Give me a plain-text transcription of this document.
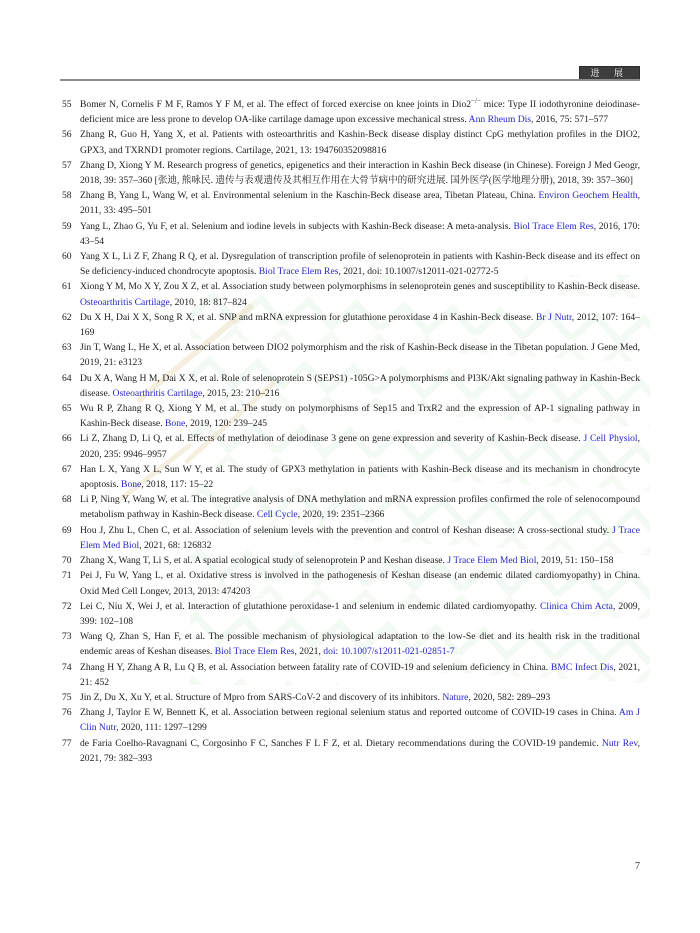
进 展
55 Bomer N, Cornelis F M F, Ramos Y F M, et al. The effect of forced exercise on knee joints in Dio2−/− mice: Type II iodothyronine deiodinase-deficient mice are less prone to develop OA-like cartilage damage upon excessive mechanical stress. Ann Rheum Dis, 2016, 75: 571–577
56 Zhang R, Guo H, Yang X, et al. Patients with osteoarthritis and Kashin-Beck disease display distinct CpG methylation profiles in the DIO2, GPX3, and TXRND1 promoter regions. Cartilage, 2021, 13: 194760352098816
57 Zhang D, Xiong Y M. Research progress of genetics, epigenetics and their interaction in Kashin Beck disease (in Chinese). Foreign J Med Geogr, 2018, 39: 357–360 [张迪, 熊咏民. 遗传与表观遗传及其相互作用在大骨节病中的研究进展. 国外医学(医学地理分册), 2018, 39: 357–360]
58 Zhang B, Yang L, Wang W, et al. Environmental selenium in the Kaschin-Beck disease area, Tibetan Plateau, China. Environ Geochem Health, 2011, 33: 495–501
59 Yang L, Zhao G, Yu F, et al. Selenium and iodine levels in subjects with Kashin-Beck disease: A meta-analysis. Biol Trace Elem Res, 2016, 170: 43–54
60 Yang X L, Li Z F, Zhang R Q, et al. Dysregulation of transcription profile of selenoprotein in patients with Kashin-Beck disease and its effect on Se deficiency-induced chondrocyte apoptosis. Biol Trace Elem Res, 2021, doi: 10.1007/s12011-021-02772-5
61 Xiong Y M, Mo X Y, Zou X Z, et al. Association study between polymorphisms in selenoprotein genes and susceptibility to Kashin-Beck disease. Osteoarthritis Cartilage, 2010, 18: 817–824
62 Du X H, Dai X X, Song R X, et al. SNP and mRNA expression for glutathione peroxidase 4 in Kashin-Beck disease. Br J Nutr, 2012, 107: 164–169
63 Jin T, Wang L, He X, et al. Association between DIO2 polymorphism and the risk of Kashin-Beck disease in the Tibetan population. J Gene Med, 2019, 21: e3123
64 Du X A, Wang H M, Dai X X, et al. Role of selenoprotein S (SEPS1) -105G>A polymorphisms and PI3K/Akt signaling pathway in Kashin-Beck disease. Osteoarthritis Cartilage, 2015, 23: 210–216
65 Wu R P, Zhang R Q, Xiong Y M, et al. The study on polymorphisms of Sep15 and TrxR2 and the expression of AP-1 signaling pathway in Kashin-Beck disease. Bone, 2019, 120: 239–245
66 Li Z, Zhang D, Li Q, et al. Effects of methylation of deiodinase 3 gene on gene expression and severity of Kashin-Beck disease. J Cell Physiol, 2020, 235: 9946–9957
67 Han L X, Yang X L, Sun W Y, et al. The study of GPX3 methylation in patients with Kashin-Beck disease and its mechanism in chondrocyte apoptosis. Bone, 2018, 117: 15–22
68 Li P, Ning Y, Wang W, et al. The integrative analysis of DNA methylation and mRNA expression profiles confirmed the role of selenocompound metabolism pathway in Kashin-Beck disease. Cell Cycle, 2020, 19: 2351–2366
69 Hou J, Zhu L, Chen C, et al. Association of selenium levels with the prevention and control of Keshan disease: A cross-sectional study. J Trace Elem Med Biol, 2021, 68: 126832
70 Zhang X, Wang T, Li S, et al. A spatial ecological study of selenoprotein P and Keshan disease. J Trace Elem Med Biol, 2019, 51: 150–158
71 Pei J, Fu W, Yang L, et al. Oxidative stress is involved in the pathogenesis of Keshan disease (an endemic dilated cardiomyopathy) in China. Oxid Med Cell Longev, 2013, 2013: 474203
72 Lei C, Niu X, Wei J, et al. Interaction of glutathione peroxidase-1 and selenium in endemic dilated cardiomyopathy. Clinica Chim Acta, 2009, 399: 102–108
73 Wang Q, Zhan S, Han F, et al. The possible mechanism of physiological adaptation to the low-Se diet and its health risk in the traditional endemic areas of Keshan diseases. Biol Trace Elem Res, 2021, doi: 10.1007/s12011-021-02851-7
74 Zhang H Y, Zhang A R, Lu Q B, et al. Association between fatality rate of COVID-19 and selenium deficiency in China. BMC Infect Dis, 2021, 21: 452
75 Jin Z, Du X, Xu Y, et al. Structure of Mpro from SARS-CoV-2 and discovery of its inhibitors. Nature, 2020, 582: 289–293
76 Zhang J, Taylor E W, Bennett K, et al. Association between regional selenium status and reported outcome of COVID-19 cases in China. Am J Clin Nutr, 2020, 111: 1297–1299
77 de Faria Coelho-Ravagnani C, Corgosinho F C, Sanches F L F Z, et al. Dietary recommendations during the COVID-19 pandemic. Nutr Rev, 2021, 79: 382–393
7
